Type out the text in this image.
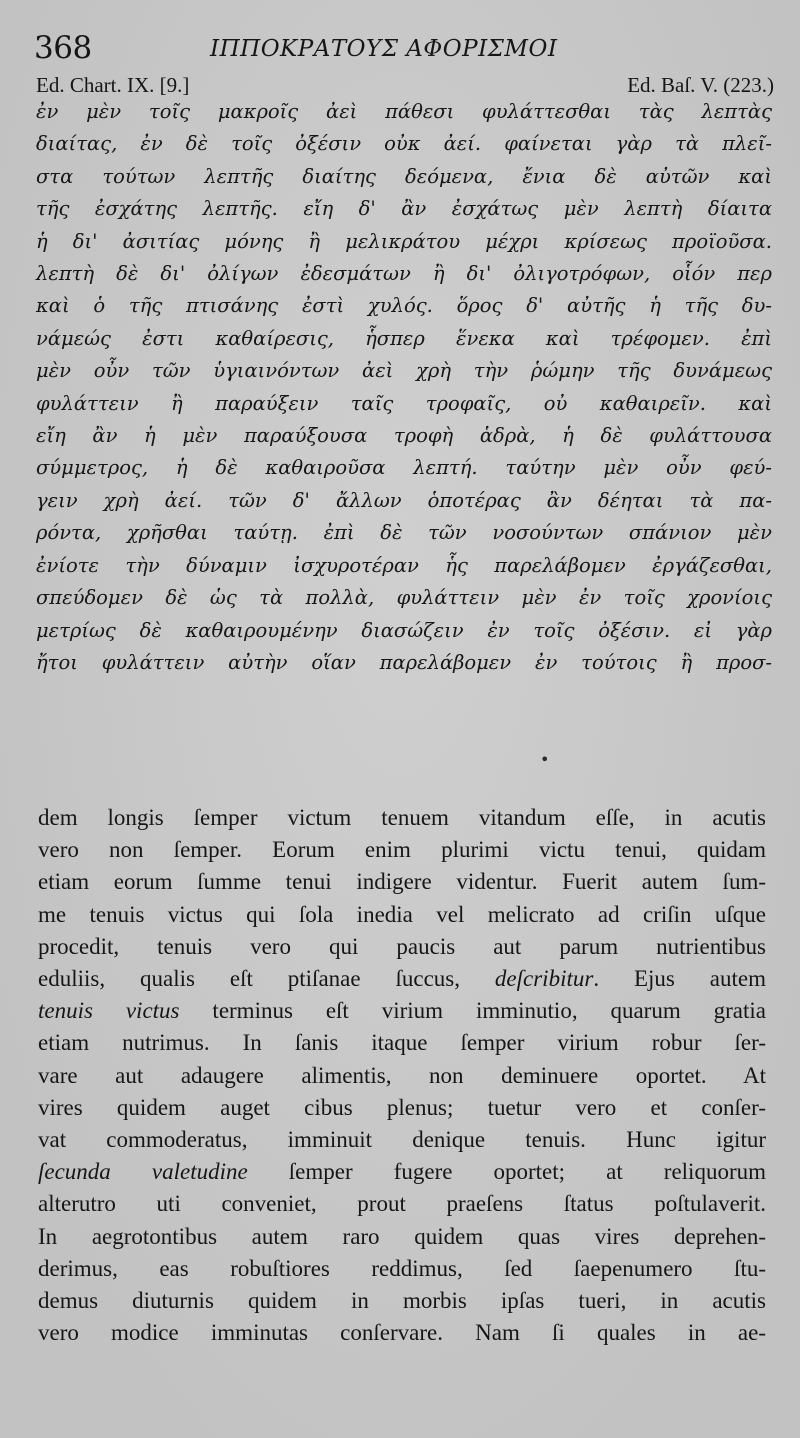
368	ΙΠΠΟΚΡΑΤΟΥΣ ΑΦΟΡΙΣΜΟΙ
Ed. Chart. IX. [9.]	Ed. Baſ. V. (223.)
ἐν μὲν τοῖς μακροῖς ἀεὶ πάθεσι φυλάττεσθαι τὰς λεπτὰς
διαίτας, ἐν δὲ τοῖς ὀξέσιν οὐκ ἀεί. φαίνεται γὰρ τὰ πλεῖ-
στα τούτων λεπτῆς διαίτης δεόμενα, ἔνια δὲ αὐτῶν καὶ
τῆς ἐσχάτης λεπτῆς. εἴη δ' ἂν ἐσχάτως μὲν λεπτὴ δίαιτα
ἡ δι' ἀσιτίας μόνης ἢ μελικράτου μέχρι κρίσεως προϊοῦσα.
λεπτὴ δὲ δι' ὀλίγων ἐδεσμάτων ἢ δι' ὀλιγοτρόφων, οἷόν περ
καὶ ὁ τῆς πτισάνης ἐστὶ χυλός. ὅρος δ' αὐτῆς ἡ τῆς δυ-
νάμεώς ἐστι καθαίρεσις, ἧσπερ ἕνεκα καὶ τρέφομεν. ἐπὶ
μὲν οὖν τῶν ὑγιαινόντων ἀεὶ χρὴ τὴν ῥώμην τῆς δυνάμεως
φυλάττειν ἢ παραύξειν ταῖς τροφαῖς, οὐ καθαιρεῖν. καὶ
εἴη ἂν ἡ μὲν παραύξουσα τροφὴ ἁδρὰ, ἡ δὲ φυλάττουσα
σύμμετρος, ἡ δὲ καθαιροῦσα λεπτή. ταύτην μὲν οὖν φεύ-
γειν χρὴ ἀεί. τῶν δ' ἄλλων ὁποτέρας ἂν δέηται τὰ πα-
ρόντα, χρῆσθαι ταύτῃ. ἐπὶ δὲ τῶν νοσούντων σπάνιον μὲν
ἐνίοτε τὴν δύναμιν ἰσχυροτέραν ἧς παρελάβομεν ἐργάζεσθαι,
σπεύδομεν δὲ ὡς τὰ πολλὰ, φυλάττειν μὲν ἐν τοῖς χρονίοις
μετρίως δὲ καθαιρουμένην διασώζειν ἐν τοῖς ὀξέσιν. εἰ γὰρ
ἤτοι φυλάττειν αὐτὴν οἵαν παρελάβομεν ἐν τούτοις ἢ προσ-
•
dem longis ſemper victum tenuem vitandum eſſe, in acutis
vero non ſemper. Eorum enim plurimi victu tenui, quidam
etiam eorum ſumme tenui indigere videntur. Fuerit autem ſum-
me tenuis victus qui ſola inedia vel melicrato ad criſin uſque
procedit, tenuis vero qui paucis aut parum nutrientibus
eduliis, qualis eſt ptiſanae ſuccus, deſcribitur. Ejus autem
tenuis victus terminus eſt virium imminutio, quarum gratia
etiam nutrimus. In ſanis itaque ſemper virium robur ſer-
vare aut adaugere alimentis, non deminuere oportet. At
vires quidem auget cibus plenus; tuetur vero et conſer-
vat commoderatus, imminuit denique tenuis. Hunc igitur
ſecunda valetudine ſemper fugere oportet; at reliquorum
alterutro uti conveniet, prout praeſens ſtatus poſtulaverit.
In aegrotontibus autem raro quidem quas vires deprehen-
derimus, eas robuſtiores reddimus, ſed ſaepenumero ſtu-
demus diuturnis quidem in morbis ipſas tueri, in acutis
vero modice imminutas conſervare. Nam ſi quales in ae-
